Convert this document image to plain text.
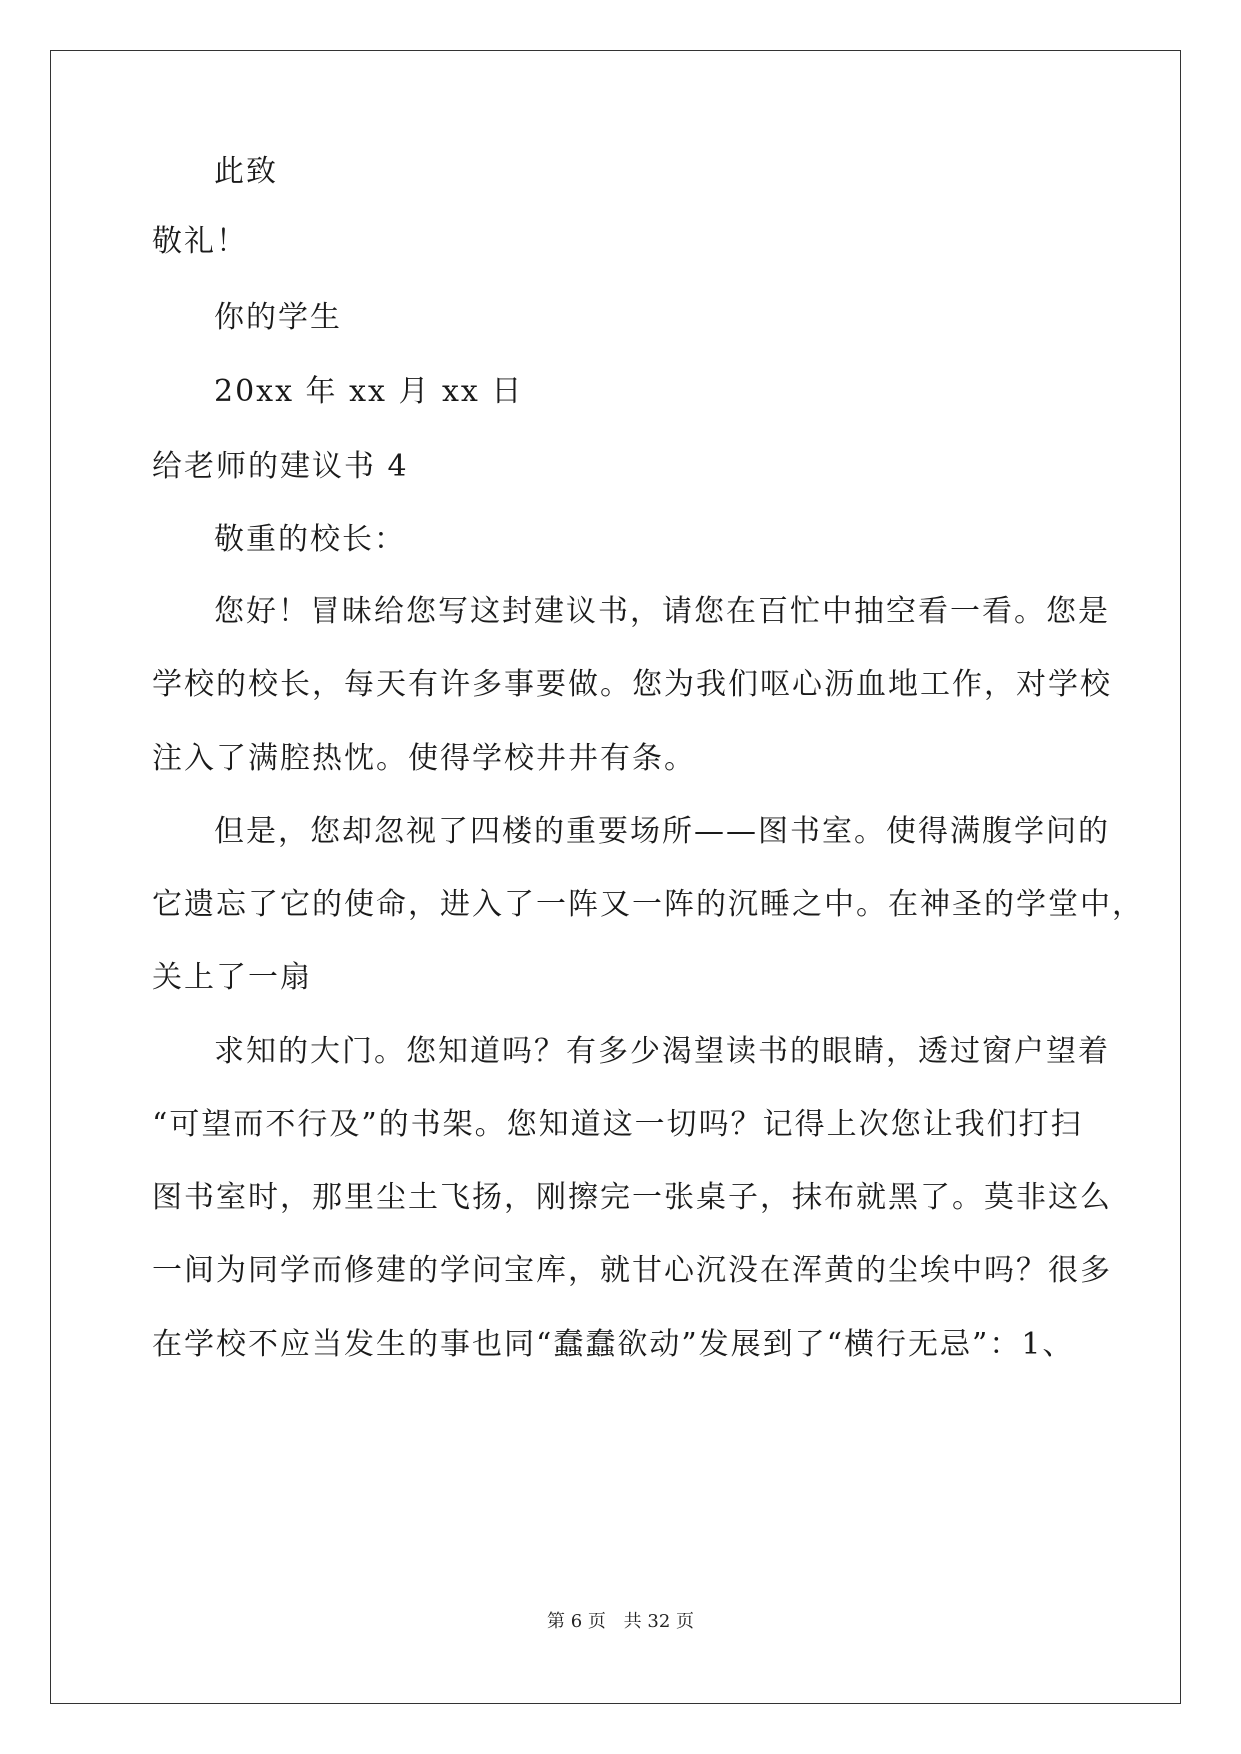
此致
敬礼！
你的学生
20xx 年 xx 月 xx 日
给老师的建议书 4
敬重的校长：
您好！冒昧给您写这封建议书，请您在百忙中抽空看一看。您是
学校的校长，每天有许多事要做。您为我们呕心沥血地工作，对学校
注入了满腔热忱。使得学校井井有条。
但是，您却忽视了四楼的重要场所——图书室。使得满腹学问的
它遗忘了它的使命，进入了一阵又一阵的沉睡之中。在神圣的学堂中，
关上了一扇
求知的大门。您知道吗？有多少渴望读书的眼睛，透过窗户望着
“可望而不行及”的书架。您知道这一切吗？记得上次您让我们打扫
图书室时，那里尘土飞扬，刚擦完一张桌子，抹布就黑了。莫非这么
一间为同学而修建的学问宝库，就甘心沉没在浑黄的尘埃中吗？很多
在学校不应当发生的事也同“蠢蠢欲动”发展到了“横行无忌”：1、
第 6 页 共 32 页
